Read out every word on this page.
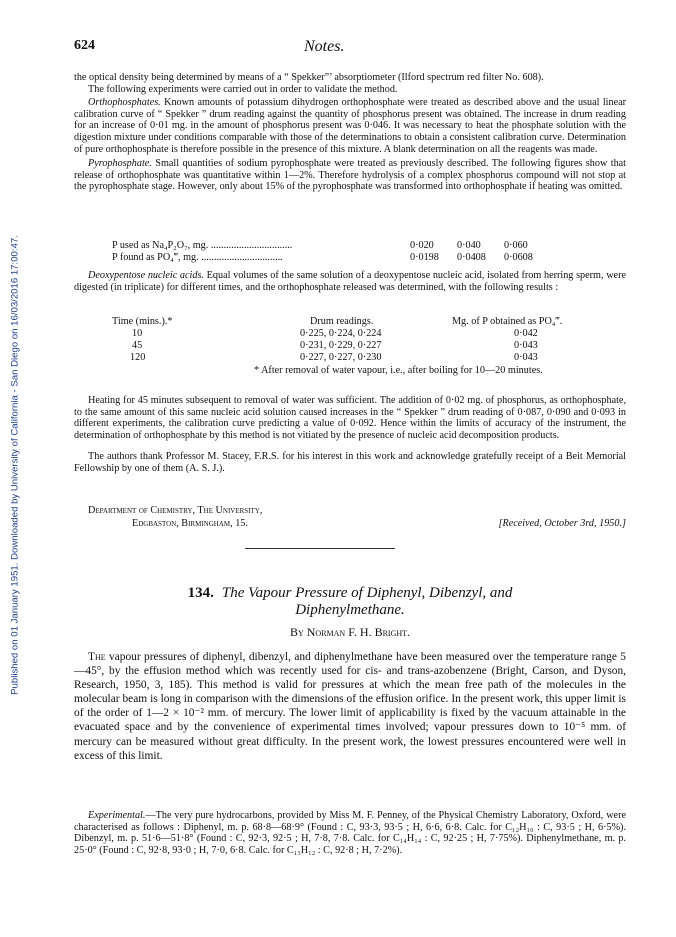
Published on 01 January 1951. Downloaded by University of California - San Diego on 16/03/2016 17:00:47.
624	Notes.

the optical density being determined by means of a “ Spekker”’ absorptiometer (Ilford spectrum red filter No. 608).

The following experiments were carried out in order to validate the method.

Orthophosphates. Known amounts of potassium dihydrogen orthophosphate were treated as described above and the usual linear calibration curve of “ Spekker ” drum reading against the quantity of phosphorus present was obtained. The increase in drum reading for an increase of 0·01 mg. in the amount of phosphorus present was 0·046. It was necessary to heat the phosphate solution with the digestion mixture under conditions comparable with those of the determinations to obtain a consistent calibration curve. Determination of pure orthophosphate is therefore possible in the presence of this mixture. A blank determination on all the reagents was made.

Pyrophosphate. Small quantities of sodium pyrophosphate were treated as previously described. The following figures show that release of orthophosphate was quantitative within 1—2%. Therefore hydrolysis of a complex phosphorus compound will not stop at the pyrophosphate stage. However, only about 15% of the pyrophosphate was transformed into orthophosphate if heating was omitted.

P used as Na₄P₂O₇, mg. ................................	0·020 0·040 0·060
P found as PO₄‴, mg. ................................	0·0198 0·0408 0·0608

Deoxypentose nucleic acids. Equal volumes of the same solution of a deoxypentose nucleic acid, isolated from herring sperm, were digested (in triplicate) for different times, and the orthophosphate released was determined, with the following results :

Time (mins.).*	Drum readings.	Mg. of P obtained as PO₄‴.
10	0·225, 0·224, 0·224	0·042
45	0·231, 0·229, 0·227	0·043
120	0·227, 0·227, 0·230	0·043
* After removal of water vapour, i.e., after boiling for 10—20 minutes.

Heating for 45 minutes subsequent to removal of water was sufficient. The addition of 0·02 mg. of phosphorus, as orthophosphate, to the same amount of this same nucleic acid solution caused increases in the “ Spekker ” drum reading of 0·087, 0·090 and 0·093 in different experiments, the calibration curve predicting a value of 0·092. Hence within the limits of accuracy of the instrument, the determination of orthophosphate by this method is not vitiated by the presence of nucleic acid decomposition products.

The authors thank Professor M. Stacey, F.R.S. for his interest in this work and acknowledge gratefully receipt of a Beit Memorial Fellowship by one of them (A. S. J.).

Department of Chemistry, The University,
Edgbaston, Birmingham, 15.	[Received, October 3rd, 1950.]
134. The Vapour Pressure of Diphenyl, Dibenzyl, and
Diphenylmethane.
By Norman F. H. Bright.

The vapour pressures of diphenyl, dibenzyl, and diphenylmethane have been measured over the temperature range 5—45°, by the effusion method which was recently used for cis- and trans-azobenzene (Bright, Carson, and Dyson, Research, 1950, 3, 185). This method is valid for pressures at which the mean free path of the molecules in the molecular beam is long in comparison with the dimensions of the effusion orifice. In the present work, this upper limit is of the order of 1—2 × 10⁻² mm. of mercury. The lower limit of applicability is fixed by the vacuum attainable in the evacuated space and by the convenience of experimental times involved; vapour pressures down to 10⁻⁵ mm. of mercury can be measured without great difficulty. In the present work, the lowest pressures encountered were well in excess of this limit.

Experimental.—The very pure hydrocarbons, provided by Miss M. F. Penney, of the Physical Chemistry Laboratory, Oxford, were characterised as follows : Diphenyl, m. p. 68·8—68·9° (Found : C, 93·3, 93·5 ; H, 6·6, 6·8. Calc. for C₁₂H₁₀ : C, 93·5 ; H, 6·5%). Dibenzyl, m. p. 51·6—51·8° (Found : C, 92·3, 92·5 ; H, 7·8, 7·8. Calc. for C₁₄H₁₄ : C, 92·25 ; H, 7·75%). Diphenylmethane, m. p. 25·0° (Found : C, 92·8, 93·0 ; H, 7·0, 6·8. Calc. for C₁₃H₁₂ : C, 92·8 ; H, 7·2%).
